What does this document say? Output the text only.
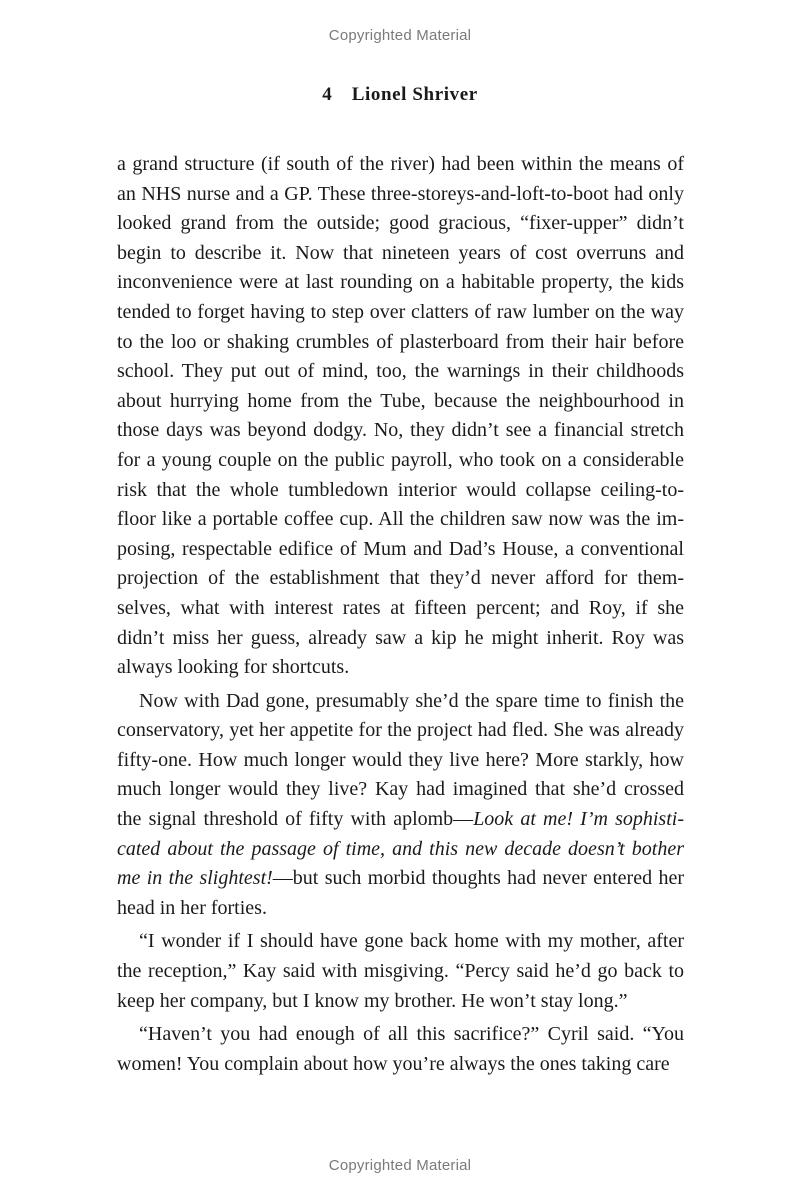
Copyrighted Material
4 Lionel Shriver

a grand structure (if south of the river) had been within the means of an NHS nurse and a GP. These three-storeys-and-loft-to-boot had only looked grand from the outside; good gracious, “fixer-upper” didn’t begin to describe it. Now that nineteen years of cost overruns and inconvenience were at last rounding on a habitable property, the kids tended to forget having to step over clatters of raw lumber on the way to the loo or shaking crumbles of plasterboard from their hair before school. They put out of mind, too, the warnings in their childhoods about hurrying home from the Tube, because the neighbourhood in those days was beyond dodgy. No, they didn’t see a financial stretch for a young couple on the public payroll, who took on a considerable risk that the whole tumbledown interior would collapse ceiling-to-floor like a portable coffee cup. All the children saw now was the imposing, respectable edifice of Mum and Dad’s House, a conventional projection of the establishment that they’d never afford for themselves, what with interest rates at fifteen percent; and Roy, if she didn’t miss her guess, already saw a kip he might inherit. Roy was always looking for shortcuts.

Now with Dad gone, presumably she’d the spare time to finish the conservatory, yet her appetite for the project had fled. She was already fifty-one. How much longer would they live here? More starkly, how much longer would they live? Kay had imagined that she’d crossed the signal threshold of fifty with aplomb—Look at me! I’m sophisticated about the passage of time, and this new decade doesn’t bother me in the slightest!—but such morbid thoughts had never entered her head in her forties.

“I wonder if I should have gone back home with my mother, after the reception,” Kay said with misgiving. “Percy said he’d go back to keep her company, but I know my brother. He won’t stay long.”

“Haven’t you had enough of all this sacrifice?” Cyril said. “You women! You complain about how you’re always the ones taking care

Copyrighted Material
